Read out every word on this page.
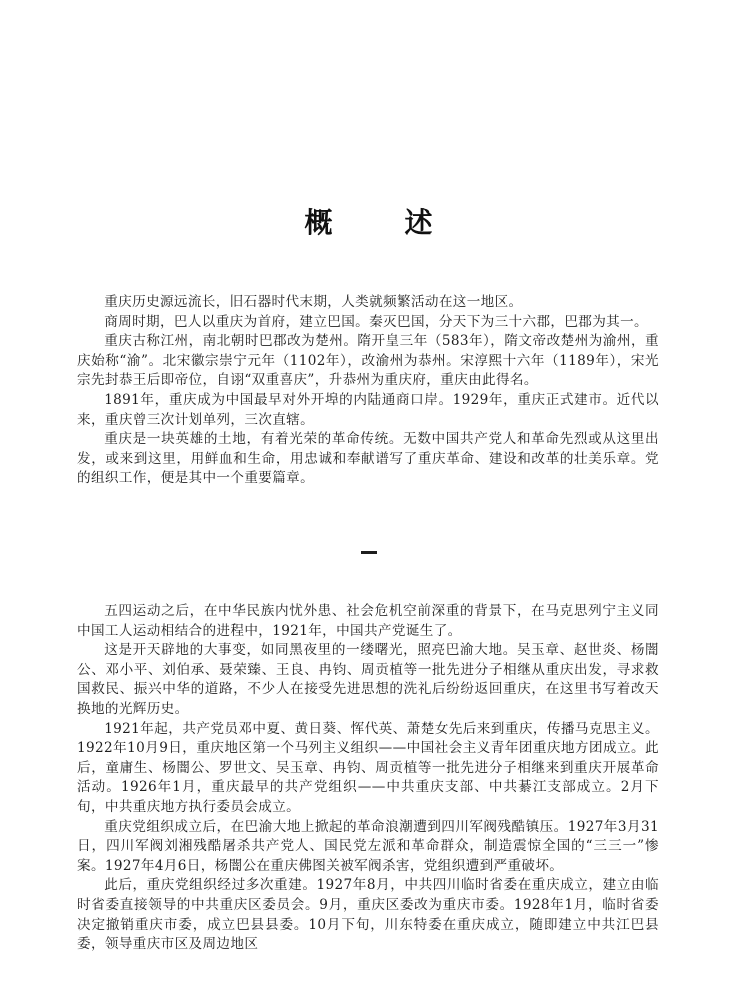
概　述

重庆历史源远流长，旧石器时代末期，人类就频繁活动在这一地区。

商周时期，巴人以重庆为首府，建立巴国。秦灭巴国，分天下为三十六郡，巴郡为其一。

重庆古称江州，南北朝时巴郡改为楚州。隋开皇三年（583年），隋文帝改楚州为渝州，重庆始称“渝”。北宋徽宗崇宁元年（1102年），改渝州为恭州。宋淳熙十六年（1189年），宋光宗先封恭王后即帝位，自诩“双重喜庆”，升恭州为重庆府，重庆由此得名。

1891年，重庆成为中国最早对外开埠的内陆通商口岸。1929年，重庆正式建市。近代以来，重庆曾三次计划单列，三次直辖。

重庆是一块英雄的土地，有着光荣的革命传统。无数中国共产党人和革命先烈或从这里出发，或来到这里，用鲜血和生命，用忠诚和奉献谱写了重庆革命、建设和改革的壮美乐章。党的组织工作，便是其中一个重要篇章。

五四运动之后，在中华民族内忧外患、社会危机空前深重的背景下，在马克思列宁主义同中国工人运动相结合的进程中，1921年，中国共产党诞生了。

这是开天辟地的大事变，如同黑夜里的一缕曙光，照亮巴渝大地。吴玉章、赵世炎、杨闇公、邓小平、刘伯承、聂荣臻、王良、冉钧、周贡植等一批先进分子相继从重庆出发，寻求救国救民、振兴中华的道路，不少人在接受先进思想的洗礼后纷纷返回重庆，在这里书写着改天换地的光辉历史。

1921年起，共产党员邓中夏、黄日葵、恽代英、萧楚女先后来到重庆，传播马克思主义。1922年10月9日，重庆地区第一个马列主义组织——中国社会主义青年团重庆地方团成立。此后，童庸生、杨闇公、罗世文、吴玉章、冉钧、周贡植等一批先进分子相继来到重庆开展革命活动。1926年1月，重庆最早的共产党组织——中共重庆支部、中共綦江支部成立。2月下旬，中共重庆地方执行委员会成立。

重庆党组织成立后，在巴渝大地上掀起的革命浪潮遭到四川军阀残酷镇压。1927年3月31日，四川军阀刘湘残酷屠杀共产党人、国民党左派和革命群众，制造震惊全国的“三三一”惨案。1927年4月6日，杨闇公在重庆佛图关被军阀杀害，党组织遭到严重破坏。

此后，重庆党组织经过多次重建。1927年8月，中共四川临时省委在重庆成立，建立由临时省委直接领导的中共重庆区委员会。9月，重庆区委改为重庆市委。1928年1月，临时省委决定撤销重庆市委，成立巴县县委。10月下旬，川东特委在重庆成立，随即建立中共江巴县委，领导重庆市区及周边地区
